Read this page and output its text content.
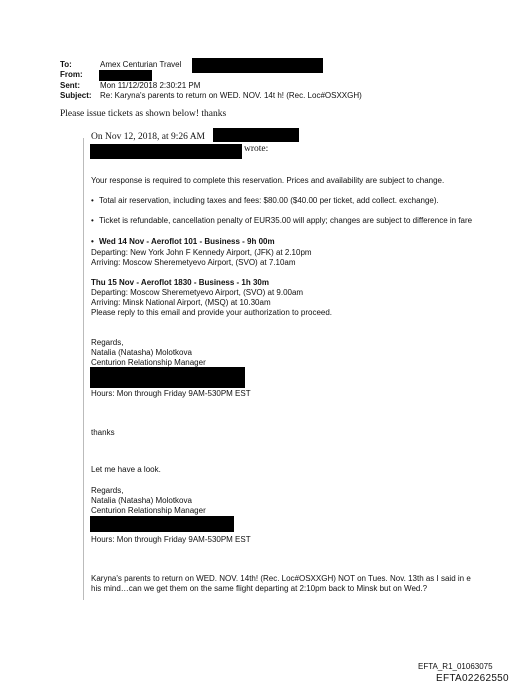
To:	Amex Centurian Travel
From:
Sent:	Mon 11/12/2018 2:30:21 PM
Subject: Re: Karyna's parents to return on WED. NOV. 14t h! (Rec. Loc#OSXXGH)
Please issue tickets as shown below! thanks
On Nov 12, 2018, at 9:26 AM
wrote:
Your response is required to complete this reservation. Prices and availability are subject to change.
• Total air reservation, including taxes and fees: $80.00 ($40.00 per ticket, add collect. exchange).
• Ticket is refundable, cancellation penalty of EUR35.00 will apply; changes are subject to difference in fare
• Wed 14 Nov - Aeroflot 101 - Business - 9h 00m
Departing: New York John F Kennedy Airport, (JFK) at 2.10pm
Arriving: Moscow Sheremetyevo Airport, (SVO) at 7.10am
Thu 15 Nov - Aeroflot 1830 - Business - 1h 30m
Departing: Moscow Sheremetyevo Airport, (SVO) at 9.00am
Arriving: Minsk National Airport, (MSQ) at 10.30am
Please reply to this email and provide your authorization to proceed.
Regards,
Natalia (Natasha) Molotkova
Centurion Relationship Manager
Hours: Mon through Friday 9AM-530PM EST
thanks
Let me have a look.
Regards,
Natalia (Natasha) Molotkova
Centurion Relationship Manager
Hours: Mon through Friday 9AM-530PM EST
Karyna's parents to return on WED. NOV. 14th! (Rec. Loc#OSXXGH) NOT on Tues. Nov. 13th as I said in e
his mind…can we get them on the same flight departing at 2:10pm back to Minsk but on Wed.?
EFTA_R1_01063075
EFTA02262550
